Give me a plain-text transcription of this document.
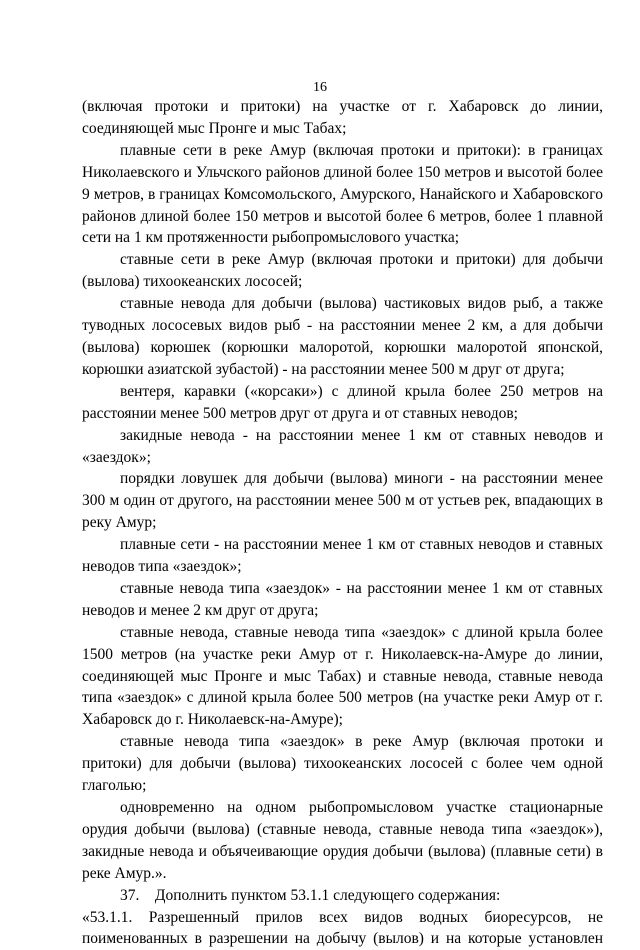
16

(включая протоки и притоки) на участке от г. Хабаровск до линии, соединяющей мыс Пронге и мыс Табах;

плавные сети в реке Амур (включая протоки и притоки): в границах Николаевского и Ульчского районов длиной более 150 метров и высотой более 9 метров, в границах Комсомольского, Амурского, Нанайского и Хабаровского районов длиной более 150 метров и высотой более 6 метров, более 1 плавной сети на 1 км протяженности рыбопромыслового участка;

ставные сети в реке Амур (включая протоки и притоки) для добычи (вылова) тихоокеанских лососей;

ставные невода для добычи (вылова) частиковых видов рыб, а также туводных лососевых видов рыб - на расстоянии менее 2 км, а для добычи (вылова) корюшек (корюшки малоротой, корюшки малоротой японской, корюшки азиатской зубастой) - на расстоянии менее 500 м друг от друга;

вентеря, каравки («корсаки») с длиной крыла более 250 метров на расстоянии менее 500 метров друг от друга и от ставных неводов;

закидные невода - на расстоянии менее 1 км от ставных неводов и «заездок»;

порядки ловушек для добычи (вылова) миноги - на расстоянии менее 300 м один от другого, на расстоянии менее 500 м от устьев рек, впадающих в реку Амур;

плавные сети - на расстоянии менее 1 км от ставных неводов и ставных неводов типа «заездок»;

ставные невода типа «заездок» - на расстоянии менее 1 км от ставных неводов и менее 2 км друг от друга;

ставные невода, ставные невода типа «заездок» с длиной крыла более 1500 метров (на участке реки Амур от г. Николаевск-на-Амуре до линии, соединяющей мыс Пронге и мыс Табах) и ставные невода, ставные невода типа «заездок» с длиной крыла более 500 метров (на участке реки Амур от г. Хабаровск до г. Николаевск-на-Амуре);

ставные невода типа «заездок» в реке Амур (включая протоки и притоки) для добычи (вылова) тихоокеанских лососей с более чем одной глаголью;

одновременно на одном рыбопромысловом участке стационарные орудия добычи (вылова) (ставные невода, ставные невода типа «заездок»), закидные невода и объячеивающие орудия добычи (вылова) (плавные сети) в реке Амур.».

37.    Дополнить пунктом 53.1.1 следующего содержания:

«53.1.1. Разрешенный прилов всех видов водных биоресурсов, не поименованных в разрешении на добычу (вылов) и на которые установлен
